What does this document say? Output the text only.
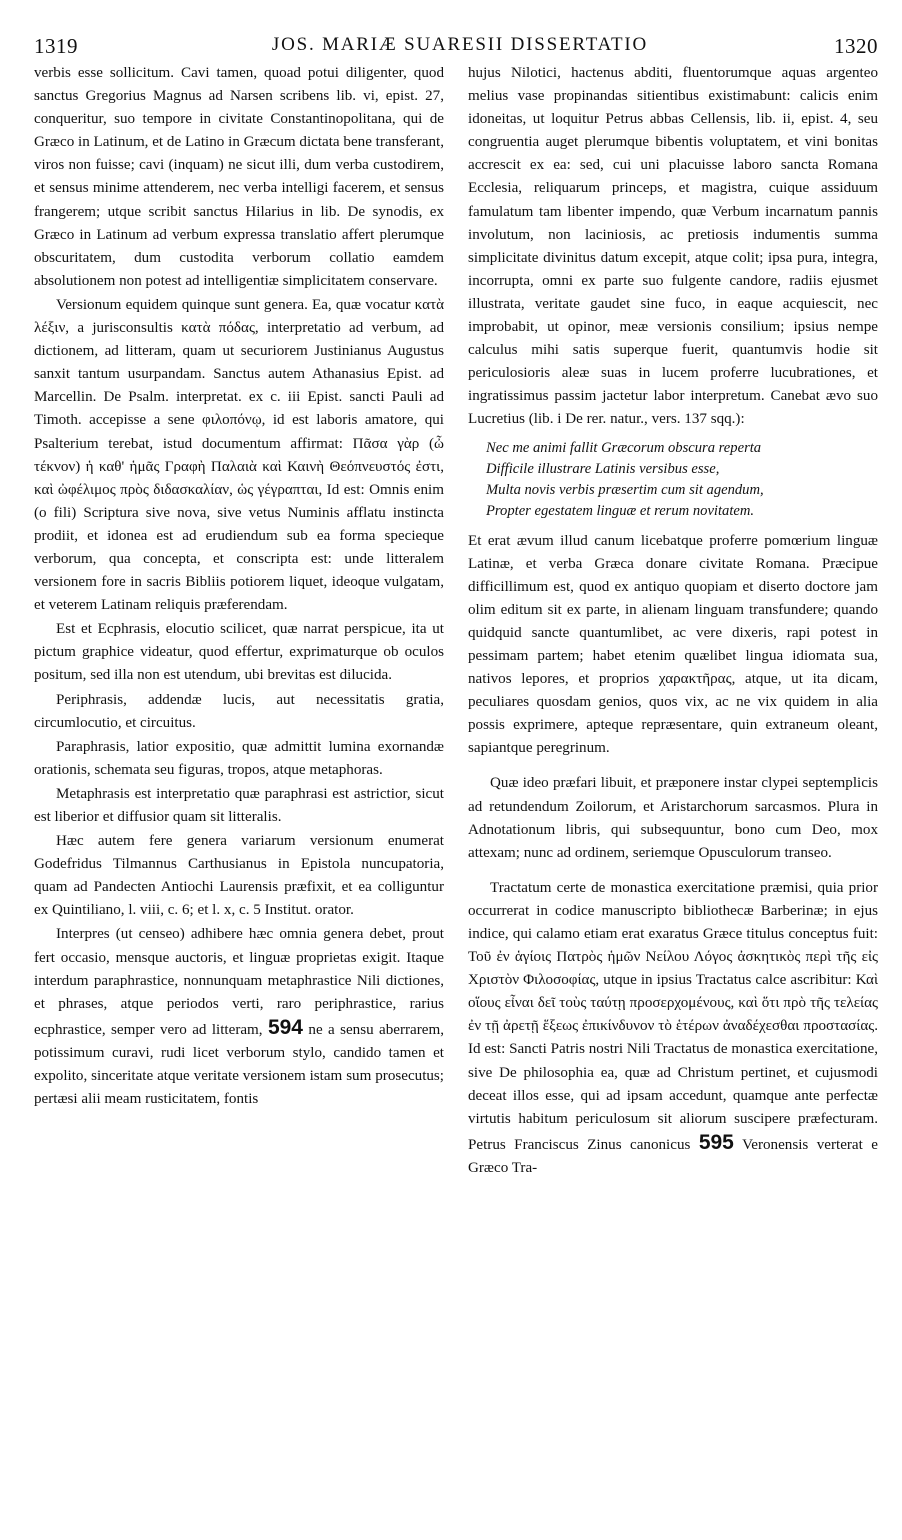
1319	JOS. MARIÆ SUARESII DISSERTATIO	1320

verbis esse sollicitum. Cavi tamen, quoad potui diligenter, quod sanctus Gregorius Magnus ad Narsen scribens lib. vi, epist. 27, conqueritur, suo tempore in civitate Constantinopolitana, qui de Græco in Latinum, et de Latino in Græcum dictata bene transferant, viros non fuisse; cavi (inquam) ne sicut illi, dum verba custodirem, et sensus minime attenderem, nec verba intelligi facerem, et sensus frangerem; utque scribit sanctus Hilarius in lib. De synodis, ex Græco in Latinum ad verbum expressa translatio affert plerumque obscuritatem, dum custodita verborum collatio eamdem absolutionem non potest ad intelligentiæ simplicitatem conservare.

Versionum equidem quinque sunt genera. Ea, quæ vocatur κατὰ λέξιν, a jurisconsultis κατὰ πόδας, interpretatio ad verbum, ad dictionem, ad litteram, quam ut securiorem Justinianus Augustus sanxit tantum usurpandam. Sanctus autem Athanasius Epist. ad Marcellin. De Psalm. interpretat. ex c. iii Epist. sancti Pauli ad Timoth. accepisse a sene φιλοπόνῳ, id est laboris amatore, qui Psalterium terebat, istud documentum affirmat: Πᾶσα γὰρ (ὦ τέκνον) ἡ καθ' ἡμᾶς Γραφὴ Παλαιὰ καὶ Καινὴ Θεόπνευστός ἐστι, καὶ ὠφέλιμος πρὸς διδασκαλίαν, ὡς γέγραπται, Id est: Omnis enim (o fili) Scriptura sive nova, sive vetus Numinis afflatu instincta prodiit, et idonea est ad erudiendum sub ea forma specieque verborum, qua concepta, et conscripta est: unde litteralem versionem fore in sacris Bibliis potiorem liquet, ideoque vulgatam, et veterem Latinam reliquis præferendam.

Est et Ecphrasis, elocutio scilicet, quæ narrat perspicue, ita ut pictum graphice videatur, quod effertur, exprimaturque ob oculos positum, sed illa non est utendum, ubi brevitas est dilucida.

Periphrasis, addendæ lucis, aut necessitatis gratia, circumlocutio, et circuitus.

Paraphrasis, latior expositio, quæ admittit lumina exornandæ orationis, schemata seu figuras, tropos, atque metaphoras.

Metaphrasis est interpretatio quæ paraphrasi est astrictior, sicut est liberior et diffusior quam sit litteralis.

Hæc autem fere genera variarum versionum enumerat Godefridus Tilmannus Carthusianus in Epistola nuncupatoria, quam ad Pandecten Antiochi Laurensis præfixit, et ea colliguntur ex Quintiliano, l. viii, c. 6; et l. x, c. 5 Institut. orator.

Interpres (ut censeo) adhibere hæc omnia genera debet, prout fert occasio, mensque auctoris, et linguæ proprietas exigit. Itaque interdum paraphrastice, nonnunquam metaphrastice Nili dictiones, et phrases, atque periodos verti, raro periphrastice, rarius ecphrastice, semper vero ad litteram, 594 ne a sensu aberrarem, potissimum curavi, rudi licet verborum stylo, candido tamen et expolito, sinceritate atque veritate versionem istam sum prosecutus; pertæsi alii meam rusticitatem, fontis

hujus Nilotici, hactenus abditi, fluentorumque aquas argenteo melius vase propinandas sitientibus existimabunt: calicis enim idoneitas, ut loquitur Petrus abbas Cellensis, lib. ii, epist. 4, seu congruentia auget plerumque bibentis voluptatem, et vini bonitas accrescit ex ea: sed, cui uni placuisse laboro sancta Romana Ecclesia, reliquarum princeps, et magistra, cuique assiduum famulatum tam libenter impendo, quæ Verbum incarnatum pannis involutum, non laciniosis, ac pretiosis indumentis summa simplicitate divinitus datum excepit, atque colit; ipsa pura, integra, incorrupta, omni ex parte suo fulgente candore, radiis ejusmet illustrata, veritate gaudet sine fuco, in eaque acquiescit, nec improbabit, ut opinor, meæ versionis consilium; ipsius nempe calculus mihi satis superque fuerit, quantumvis hodie sit periculosioris aleæ suas in lucem proferre lucubrationes, et ingratissimus passim jactetur labor interpretum. Canebat ævo suo Lucretius (lib. i De rer. natur., vers. 137 sqq.):

Nec me animi fallit Græcorum obscura reperta
Difficile illustrare Latinis versibus esse,
Multa novis verbis præsertim cum sit agendum,
Propter egestatem linguæ et rerum novitatem.

Et erat ævum illud canum licebatque proferre pomœrium linguæ Latinæ, et verba Græca donare civitate Romana. Præcipue difficillimum est, quod ex antiquo quopiam et diserto doctore jam olim editum sit ex parte, in alienam linguam transfundere; quando quidquid sancte quantumlibet, ac vere dixeris, rapi potest in pessimam partem; habet etenim quælibet lingua idiomata sua, nativos lepores, et proprios χαρακτῆρας, atque, ut ita dicam, peculiares quosdam genios, quos vix, ac ne vix quidem in alia possis exprimere, apteque repræsentare, quin extraneum oleant, sapiantque peregrinum.

Quæ ideo præfari libuit, et præponere instar clypei septemplicis ad retundendum Zoilorum, et Aristarchorum sarcasmos. Plura in Adnotationum libris, qui subsequuntur, bono cum Deo, mox attexam; nunc ad ordinem, seriemque Opusculorum transeo.

Tractatum certe de monastica exercitatione præmisi, quia prior occurrerat in codice manuscripto bibliothecæ Barberinæ; in ejus indice, qui calamo etiam erat exaratus Græce titulus conceptus fuit: Τοῦ ἐν ἁγίοις Πατρὸς ἡμῶν Νείλου Λόγος ἀσκητικὸς περὶ τῆς εἰς Χριστὸν Φιλοσοφίας, utque in ipsius Tractatus calce ascribitur: Καὶ οἵους εἶναι δεῖ τοὺς ταύτῃ προσερχομένους, καὶ ὅτι πρὸ τῆς τελείας ἐν τῇ ἀρετῇ ἕξεως ἐπικίνδυνον τὸ ἑτέρων ἀναδέχεσθαι προστασίας. Id est: Sancti Patris nostri Nili Tractatus de monastica exercitatione, sive De philosophia ea, quæ ad Christum pertinet, et cujusmodi deceat illos esse, qui ad ipsam accedunt, quamque ante perfectæ virtutis habitum periculosum sit aliorum suscipere præfecturam. Petrus Franciscus Zinus canonicus 595 Veronensis verterat e Græco Tra-
